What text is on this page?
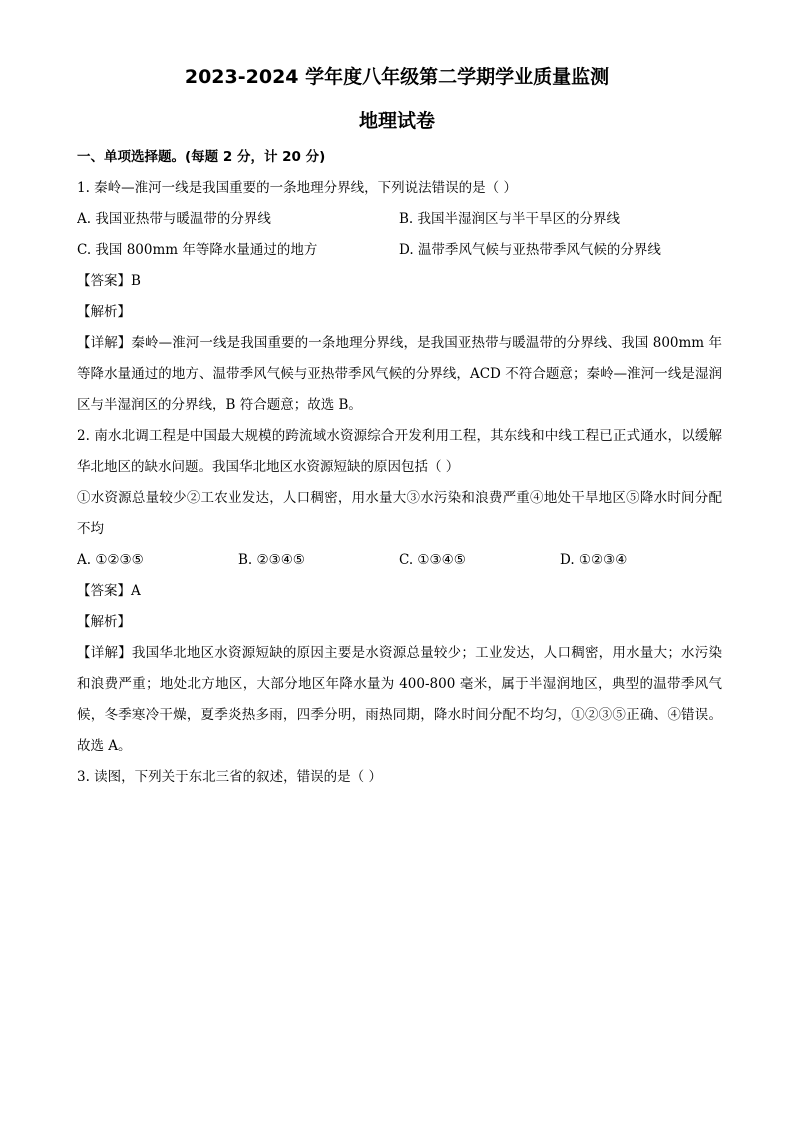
2023-2024 学年度八年级第二学期学业质量监测
地理试卷
一、单项选择题。(每题 2 分，计 20 分)
1. 秦岭—淮河一线是我国重要的一条地理分界线，下列说法错误的是（ ）
A. 我国亚热带与暖温带的分界线	B. 我国半湿润区与半干旱区的分界线
C. 我国 800mm 年等降水量通过的地方	D. 温带季风气候与亚热带季风气候的分界线
【答案】B
【解析】
【详解】秦岭—淮河一线是我国重要的一条地理分界线，是我国亚热带与暖温带的分界线、我国 800mm 年等降水量通过的地方、温带季风气候与亚热带季风气候的分界线，ACD 不符合题意；秦岭—淮河一线是湿润区与半湿润区的分界线，B 符合题意；故选 B。
2. 南水北调工程是中国最大规模的跨流域水资源综合开发利用工程，其东线和中线工程已正式通水，以缓解华北地区的缺水问题。我国华北地区水资源短缺的原因包括（ ）
①水资源总量较少②工农业发达，人口稠密，用水量大③水污染和浪费严重④地处干旱地区⑤降水时间分配不均
A. ①②③⑤	B. ②③④⑤	C. ①③④⑤	D. ①②③④
【答案】A
【解析】
【详解】我国华北地区水资源短缺的原因主要是水资源总量较少；工业发达，人口稠密，用水量大；水污染和浪费严重；地处北方地区，大部分地区年降水量为 400-800 毫米，属于半湿润地区，典型的温带季风气候，冬季寒冷干燥，夏季炎热多雨，四季分明，雨热同期，降水时间分配不均匀，①②③⑤正确、④错误。故选 A。
3. 读图，下列关于东北三省的叙述，错误的是（ ）
